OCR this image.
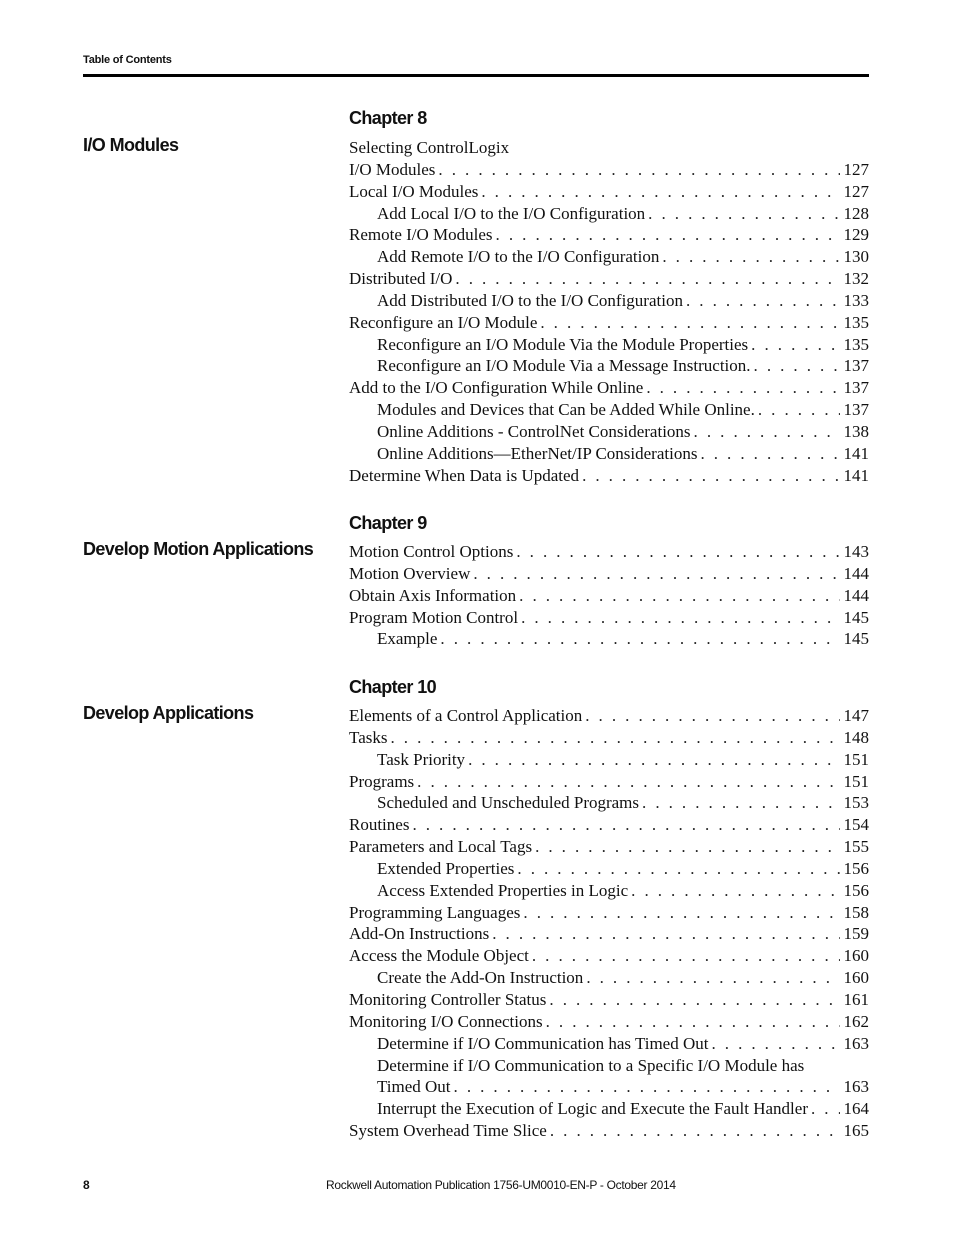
Table of Contents
Chapter 8
I/O Modules	Selecting ControlLogix
I/O Modules . . .	127
Local I/O Modules . . .	127
Add Local I/O to the I/O Configuration . . .	128
Remote I/O Modules . . .	129
Add Remote I/O to the I/O Configuration . . .	130
Distributed I/O . . .	132
Add Distributed I/O to the I/O Configuration . . .	133
Reconfigure an I/O Module . . .	135
Reconfigure an I/O Module Via the Module Properties . . .	135
Reconfigure an I/O Module Via a Message Instruction. . . .	137
Add to the I/O Configuration While Online . . .	137
Modules and Devices that Can be Added While Online. . . .	137
Online Additions - ControlNet Considerations . . .	138
Online Additions—EtherNet/IP Considerations . . .	141
Determine When Data is Updated . . .	141
Chapter 9
Develop Motion Applications Motion Control Options . . .	143
Motion Overview . . .	144
Obtain Axis Information . . .	144
Program Motion Control . . .	145
Example . . .	145
Chapter 10
Develop Applications	Elements of a Control Application . . .	147
Tasks . . .	148
Task Priority . . .	151
Programs . . .	151
Scheduled and Unscheduled Programs . . .	153
Routines . . .	154
Parameters and Local Tags . . .	155
Extended Properties . . .	156
Access Extended Properties in Logic . . .	156
Programming Languages . . .	158
Add-On Instructions . . .	159
Access the Module Object . . .	160
Create the Add-On Instruction . . .	160
Monitoring Controller Status . . .	161
Monitoring I/O Connections . . .	162
Determine if I/O Communication has Timed Out . . .	163
Determine if I/O Communication to a Specific I/O Module has
Timed Out . . .	163
Interrupt the Execution of Logic and Execute the Fault Handler . . . 164
System Overhead Time Slice . . .	165
8	Rockwell Automation Publication 1756-UM0010-EN-P - October 2014
